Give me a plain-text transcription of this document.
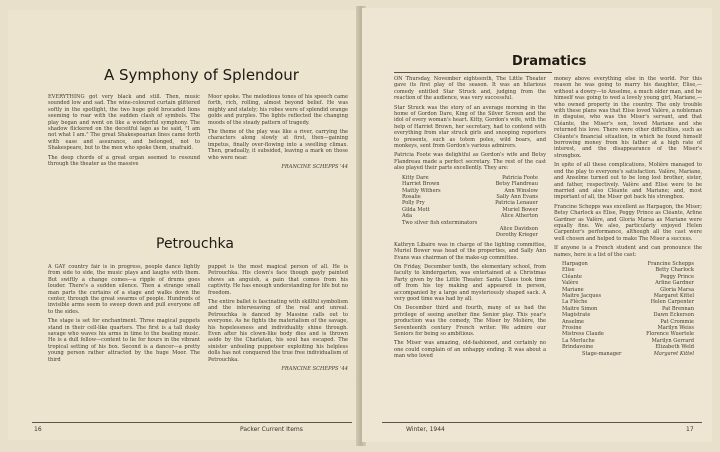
A Symphony of Splendour

EVERYTHING got very black and still. Then, music sounded low and sad. The wine-coloured curtain glittered softly in the spotlight, the two huge gold brocaded lions seeming to roar with the sudden clash of symbols. The play began and went on like a wonderful symphony. The shadow flickered on the deceitful lago as he said, "I am not what I am." The great Shakespearian lines came forth with ease and assurance, and belonged, not to Shakespeare, but to the men who spoke them, unafraid.

The deep chords of a great organ seemed to resound through the theater as the massive

Moor spoke. The melodious tones of his speech came forth, rich, rolling, almost beyond belief. He was mighty and stately; his robes were of splendid orange golds and purples. The lights reflected the changing moods of the steady pattern of tragedy.

The theme of the play was like a river, carrying the characters along slowly at first, then—gaining impetus, finally over-flowing into a swelling climax. Then, gradually, it subsided, leaving a mark on those who were near.

FRANCINE SCHEPPS '44
Petrouchka

A GAY country fair is in progress, people dance lightly from side to side, the music plays and laughs with them. But swiftly a change comes—a ripple of drums goes louder. There's a sudden silence. Then a strange small man parts the curtains of a stage and walks down the center, through the great swarms of people. Hundreds of invisible arms seem to sweep down and pull everyone off to the sides.

The stage is set for enchantment. Three magical puppets stand in their cell-like quarters. The first is a tall dusky savage who waves his arms in time to the beating music. He is a dull fellow—content to lie for hours in the vibrant tropical setting of his box. Second is a dancer—a pretty young person rather attracted by the huge Moor. The third

puppet is the most magical person of all. He is Petrouchka. His clown's face though gayly painted shows an anguish, a pain that comes from his captivity. He has enough understanding for life but no freedom.

The entire ballet is fascinating with skillful symbolism and the interweaving of the real and unreal. Petrouchka is danced by Massine calls out to everyone. As he fights the materialism of the savage, his hopelessness and individuality shine through. Even after his clown-like body dies and is thrown aside by the Charlatan, his soul has escaped. The sinister unfeeling puppeteer exploiting his helpless dolls has not conquered the true free individualism of Petrouchka.

FRANCINE SCHEPPS '44
16	Packer Current Items
Dramatics

ON Thursday, November eighteenth, The Little Theater gave its first play of the season. It was an hilarious comedy entitled Star Struck and, judging from the reaction of the audience, was very successful.

Star Struck was the story of an average morning in the home of Gordon Dare, King of the Silver Screen and the idol of every woman's heart. Kitty, Gordon's wife, with the help of Harriet Brown, her secretary, had to contend with everything from star struck girls and snooping reporters to presents, such as totem poles, wild boars, and monkeys, sent from Gordon's various admirers.

Patricia Foote was delightful as Gordon's wife and Betsy Flandreau made a perfect secretary. The rest of the cast also played their parts excellently. They are:

Kitty Dare	Patricia Foote
Harriet Brown	Betsy Flandreau
Mattly Withers	Ann Winslow
Rosalie	Sally Ann Evans
Polly Pry	Patricia Lenauer
Gilda Mott	Muriel Bower
Ada	Alice Atherton
Two silver fish exterminators
Alice Davidson
Dorothy Krieger

Kathryn Libaire was in charge of the lighting committee, Muriel Bower was head of the properties, and Sally Ann Evans was chairman of the make-up committee.

On Friday, December tenth, the elementary school, from faculty to kindergarten, was entertained at a Christmas Party given by the Little Theater. Santa Claus took time off from his toy making and appeared in person, accompanied by a large and mysteriously shaped sack. A very good time was had by all.

On December third and fourth, many of us had the privilege of seeing another fine Senior play. This year's production was the comedy, The Miser by Molière, the Seventeenth century French writer. We admire our Seniors for being so ambitious.

The Miser was amazing, old-fashioned, and certainly no one could complain of an unhappy ending. It was about a man who loved

money above everything else in the world. For this reason he was going to marry his daughter, Elise,—without a dowry—to Anselme, a much older man, and he himself was going to wed a lovely young girl, Mariane,—who owned property in the country. The only trouble with these plans was that Elise loved Valère, a nobleman in disguise, who was the Miser's servant, and that Cléante, the Miser's son, loved Mariane and she returned his love. There were other difficulties, such as Cléante's financial situation, in which he found himself borrowing money from his father at a high rate of interest, and the disappearance of the Miser's strongbox.

In spite of all these complications, Molière managed to end the play to everyone's satisfaction. Valère, Mariane, and Anselme turned out to be long lost brother, sister, and father, respectively. Valère and Elise were to be married and also Cléante and Mariane; and, most important of all, the Miser got back his strongbox.

Francine Schepps was excellent as Harpagon, the Miser; Betsy Charlock as Elise, Peggy Prince as Cléante, Arline Gardner as Valère, and Gloria Marsa as Mariane were equally fine. We also, particularly enjoyed Helen Carpenter's performance, although all the cast were well chosen and helped to make The Miser a success.

If anyone is a French student and can pronounce the names, here is a list of the cast:

Harpagon	Francine Schepps
Elise	Betty Charlock
Cléante	Peggy Prince
Valère	Arline Gardner
Mariane	Gloria Marsa
Maitre Jacques	Margaret Kittel
La Flèche	Helen Carpenter
Maitre Simon	Pat Brennan
Magistrate	Dawn Eckerson
Anselme	Pat Crommie
Frosine	Marilyn Weiss
Mistress Claude	Florence Wuertele
La Merluche	Marilyn Gerrard
Brindavoine	Elizabeth Weld
Stage-manager	Margaret Kittel
Winter, 1944	17
